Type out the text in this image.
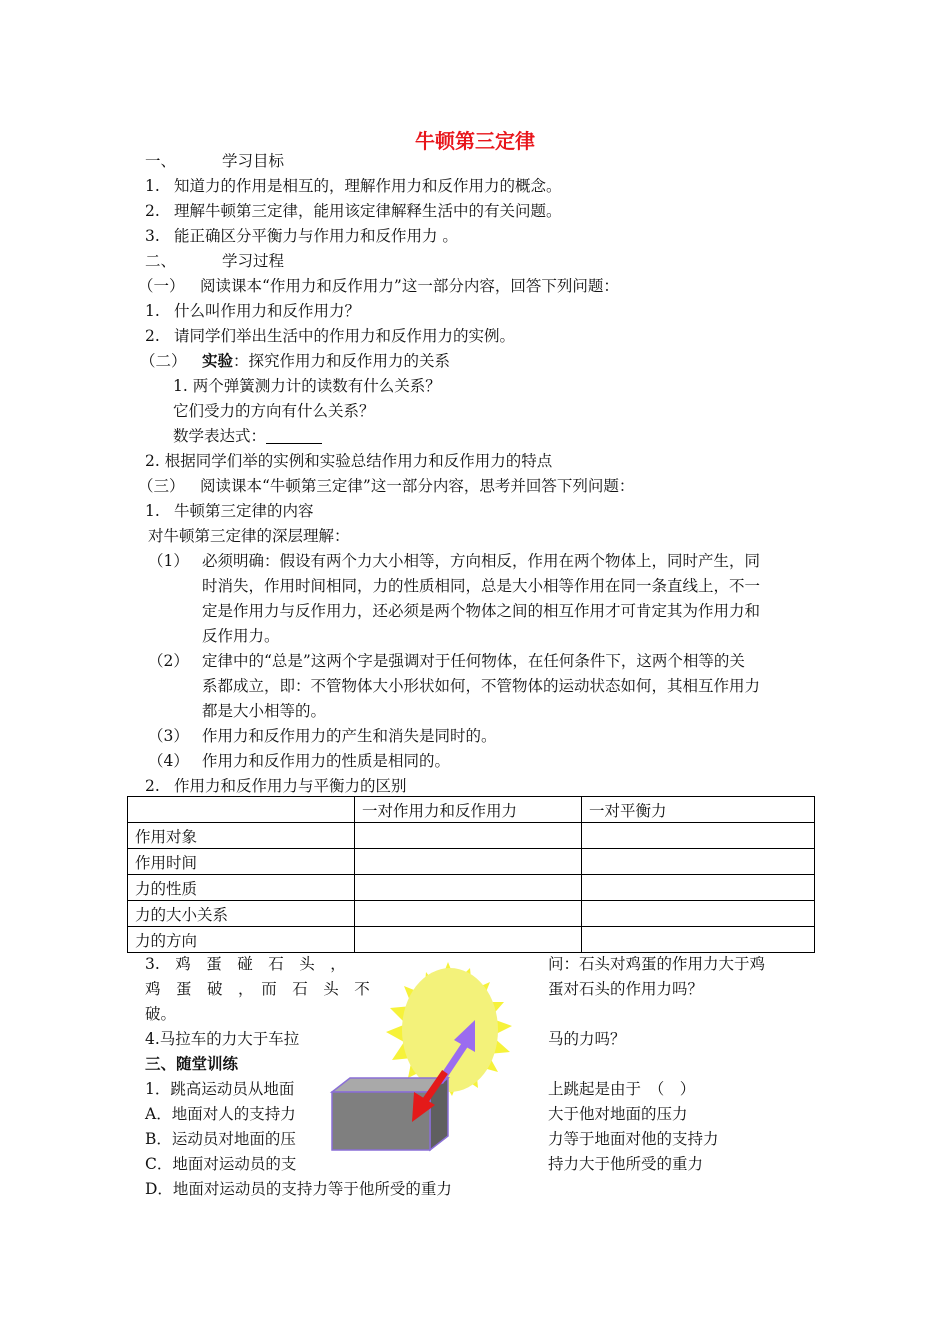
牛顿第三定律
一、	学习目标
1. 知道力的作用是相互的，理解作用力和反作用力的概念。
2. 理解牛顿第三定律，能用该定律解释生活中的有关问题。
3. 能正确区分平衡力与作用力和反作用力 。
二、	学习过程
（一） 阅读课本“作用力和反作用力”这一部分内容，回答下列问题：
1. 什么叫作用力和反作用力？
2. 请同学们举出生活中的作用力和反作用力的实例。
（二） 实验：探究作用力和反作用力的关系
1. 两个弹簧测力计的读数有什么关系？
它们受力的方向有什么关系？
数学表达式：
2. 根据同学们举的实例和实验总结作用力和反作用力的特点
（三） 阅读课本“牛顿第三定律”这一部分内容，思考并回答下列问题：
1. 牛顿第三定律的内容
对牛顿第三定律的深层理解：
（1） 必须明确：假设有两个力大小相等，方向相反，作用在两个物体上，同时产生，同
时消失，作用时间相同，力的性质相同，总是大小相等作用在同一条直线上，不一
定是作用力与反作用力，还必须是两个物体之间的相互作用才可肯定其为作用力和
反作用力。
（2） 定律中的“总是”这两个字是强调对于任何物体，在任何条件下，这两个相等的关
系都成立，即：不管物体大小形状如何，不管物体的运动状态如何，其相互作用力
都是大小相等的。
（3） 作用力和反作用力的产生和消失是同时的。
（4） 作用力和反作用力的性质是相同的。
2. 作用力和反作用力与平衡力的区别
	一对作用力和反作用力	一对平衡力
作用对象		
作用时间		
力的性质		
力的大小关系		
力的方向		
3.　鸡　蛋　碰　石　头　，
鸡　蛋　破　，　而　石　头　不
破。
问：石头对鸡蛋的作用力大于鸡
蛋对石头的作用力吗？
4.马拉车的力大于车拉	马的力吗？
三、随堂训练
1．跳高运动员从地面	上跳起是由于　（　）
A．地面对人的支持力	大于他对地面的压力
B．运动员对地面的压	力等于地面对他的支持力
C．地面对运动员的支	持力大于他所受的重力
D．地面对运动员的支持力等于他所受的重力
